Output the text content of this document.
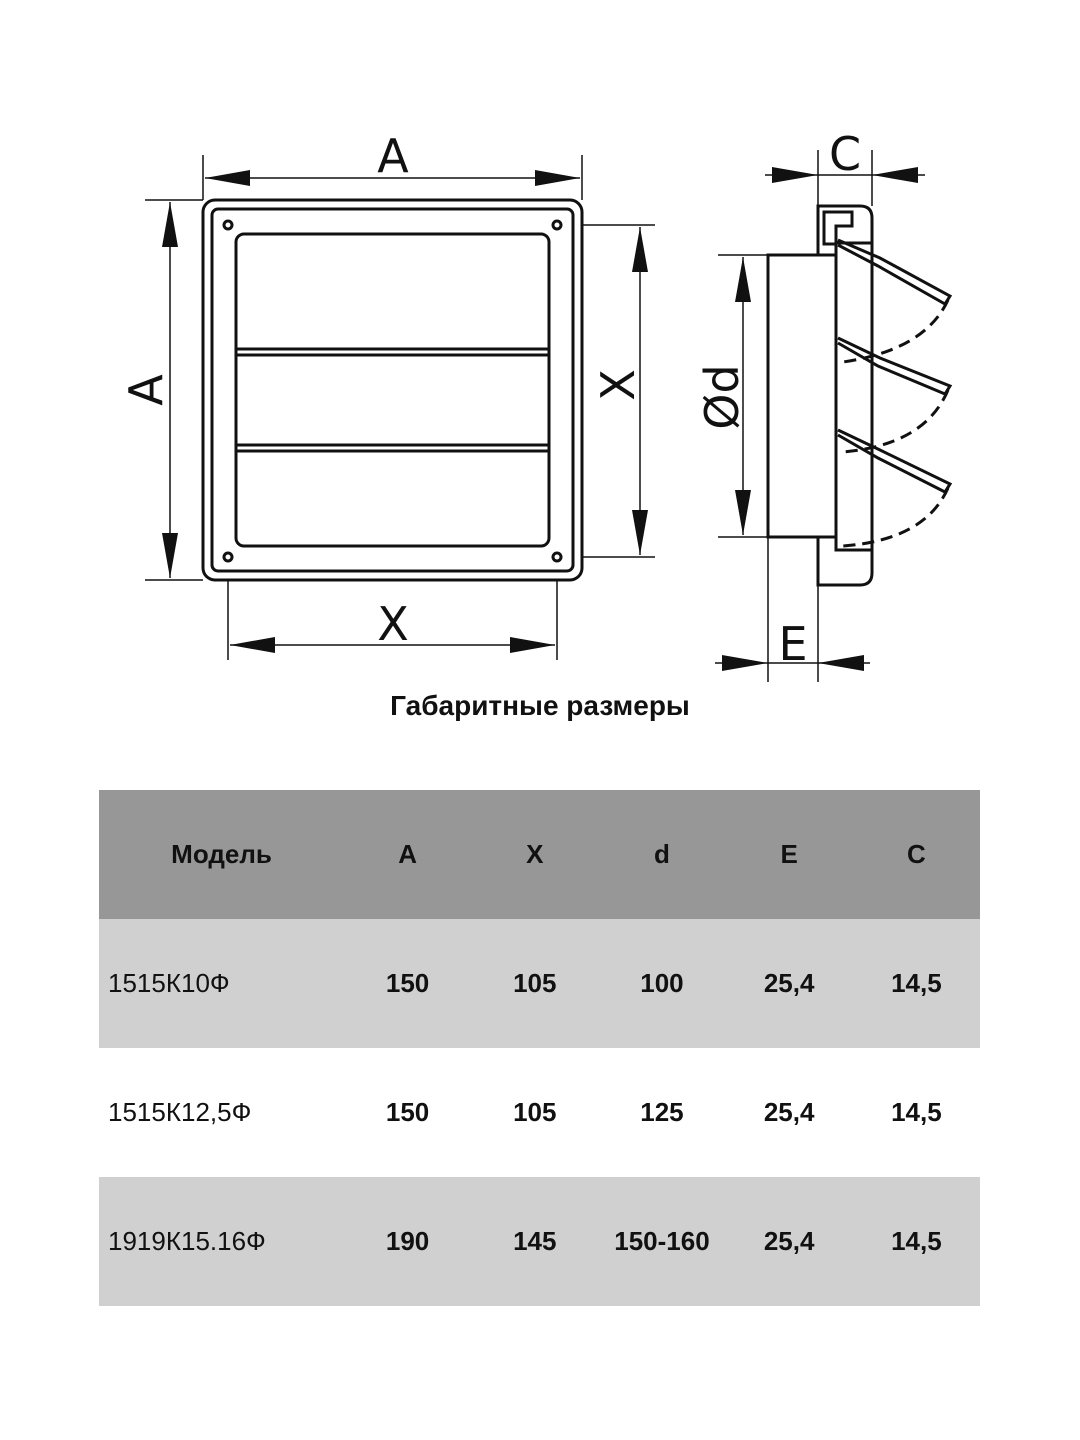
A
A	X
X
C
Ød
E
Габаритные размеры
Модель	A	X	d	E	C
1515К10Ф	150	105	100	25,4	14,5
1515К12,5Ф	150	105	125	25,4	14,5
1919К15.16Ф	190	145	150-160	25,4	14,5
